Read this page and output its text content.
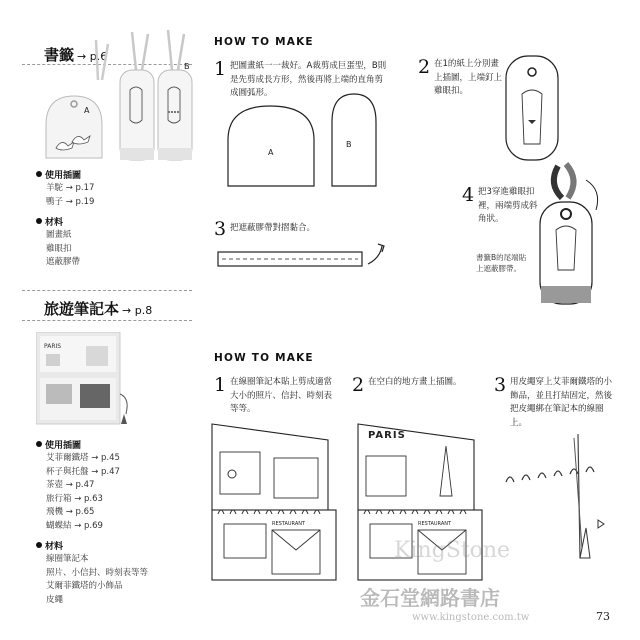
書籤 → p.6
A
B
使用插圖
羊駝 → p.17
鴨子 → p.19
材料
圖畫紙
雞眼扣
遮蔽膠帶
旅遊筆記本 → p.8
PARIS
使用插圖
艾菲爾鐵塔 → p.45
杯子與托盤 → p.47
茶壺 → p.47
旅行箱 → p.63
飛機 → p.65
蝴蝶結 → p.69
材料
線圈筆記本
照片、小信封、時刻表等等
艾爾菲鐵塔的小飾品
皮繩
HOW TO MAKE
1 把圖畫紙一一裁好。A裁剪成巨蛋型，B則是先剪成長方形，然後再將上端的直角剪成圓弧形。
2 在1的紙上分別畫上插圖，上端釘上雞眼扣。
A
B
3 把遮蔽膠帶對摺黏合。
4 把3穿進雞眼扣裡，兩端剪成斜角狀。
書籤B的尾端貼上遮蔽膠帶。
HOW TO MAKE
1 在線圈筆記本貼上剪成適當大小的照片、信封、時刻表等等。
2 在空白的地方畫上插圖。	3 用皮繩穿上艾菲爾鐵塔的小飾品，並且打結固定，然後把皮繩綁在筆記本的線圈上。
PARIS
RESTAURANT	RESTAURANT
KingStone
金石堂網路書店
www.kingstone.com.tw	73
